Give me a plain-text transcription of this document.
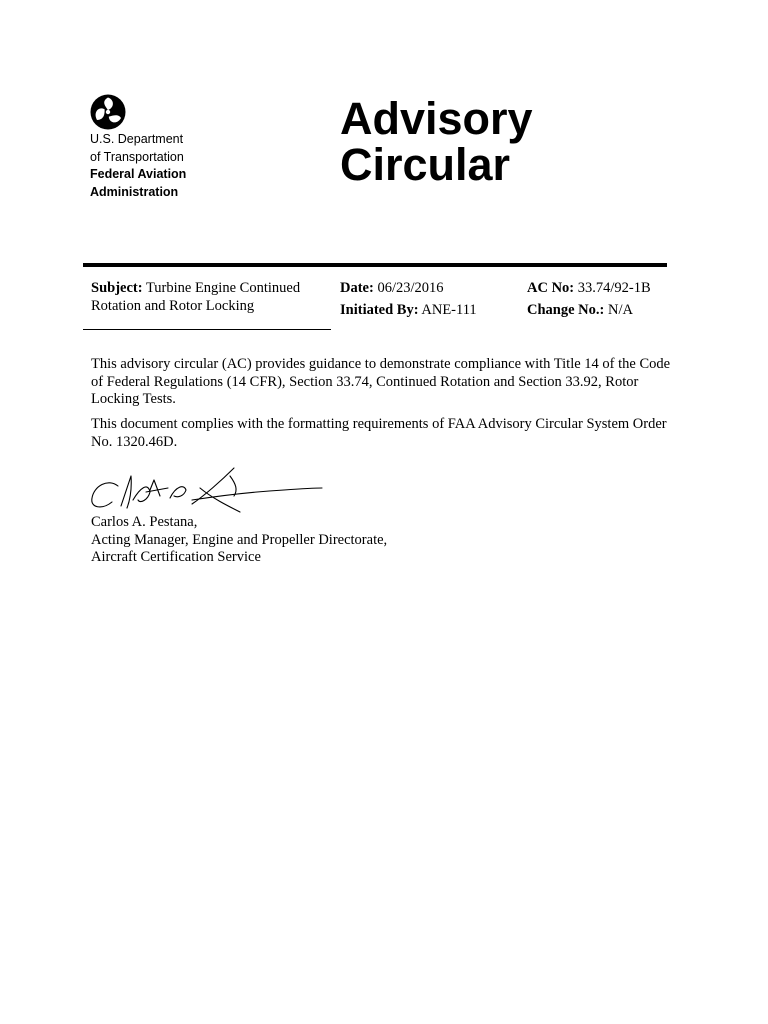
U.S. Department
of Transportation
Federal Aviation
Administration
Advisory
Circular
Subject: Turbine Engine Continued Rotation and Rotor Locking
Date: 06/23/2016
Initiated By: ANE-111
AC No: 33.74/92-1B
Change No.: N/A
This advisory circular (AC) provides guidance to demonstrate compliance with Title 14 of the Code of Federal Regulations (14 CFR), Section 33.74, Continued Rotation and Section 33.92, Rotor Locking Tests.
This document complies with the formatting requirements of FAA Advisory Circular System Order No. 1320.46D.
Carlos A. Pestana,
Acting Manager, Engine and Propeller Directorate,
Aircraft Certification Service
